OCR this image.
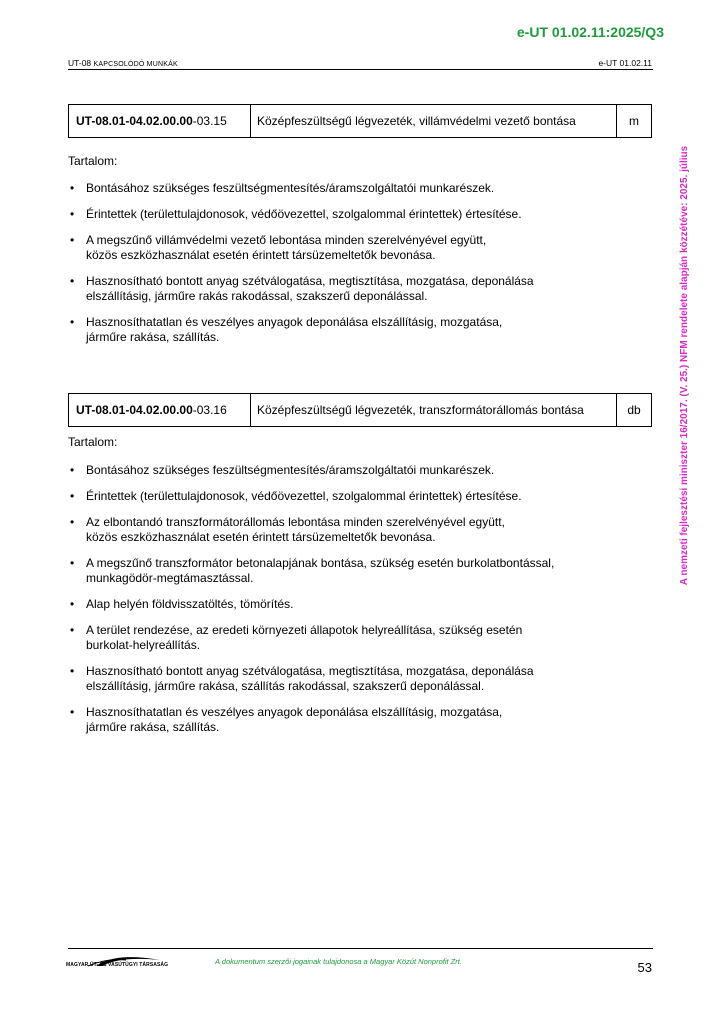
e-UT 01.02.11:2025/Q3
UT-08 KAPCSOLÓDÓ MUNKÁK	e-UT 01.02.11
A nemzeti fejlesztési miniszter 16/2017. (V. 25.) NFM rendelete alapján közzétéve: 2025. július
UT-08.01-04.02.00.00 -03.15	Középfeszültségű légvezeték, villámvédelmi vezető bontása	m
Tartalom:
• Bontásához szükséges feszültségmentesítés/áramszolgáltatói munkarészek.
• Érintettek (területtulajdonosok, védőövezettel, szolgalommal érintettek) értesítése.
• A megszűnő villámvédelmi vezető lebontása minden szerelvényével együtt,
közös eszközhasználat esetén érintett társüzemeltetők bevonása.
• Hasznosítható bontott anyag szétválogatása, megtisztítása, mozgatása, deponálása
elszállításig, járműre rakás rakodással, szakszerű deponálással.
• Hasznosíthatatlan és veszélyes anyagok deponálása elszállításig, mozgatása,
járműre rakása, szállítás.
UT-08.01-04.02.00.00 -03.16	Középfeszültségű légvezeték, transzformátorállomás bontása	db
Tartalom:
• Bontásához szükséges feszültségmentesítés/áramszolgáltatói munkarészek.
• Érintettek (területtulajdonosok, védőövezettel, szolgalommal érintettek) értesítése.
• Az elbontandó transzformátorállomás lebontása minden szerelvényével együtt,
közös eszközhasználat esetén érintett társüzemeltetők bevonása.
• A megszűnő transzformátor betonalapjának bontása, szükség esetén burkolatbontással,
munkagödör-megtámasztással.
• Alap helyén földvisszatöltés, tömörítés.
• A terület rendezése, az eredeti környezeti állapotok helyreállítása, szükség esetén
burkolat-helyreállítás.
• Hasznosítható bontott anyag szétválogatása, megtisztítása, mozgatása, deponálása
elszállításig, járműre rakása, szállítás rakodással, szakszerű deponálással.
• Hasznosíthatatlan és veszélyes anyagok deponálása elszállításig, mozgatása,
járműre rakása, szállítás.
MAGYAR ÚT- ÉS VASÚTÜGYI TÁRSASÁG	A dokumentum szerzői jogainak tulajdonosa a Magyar Közút Nonprofit Zrt.	53
